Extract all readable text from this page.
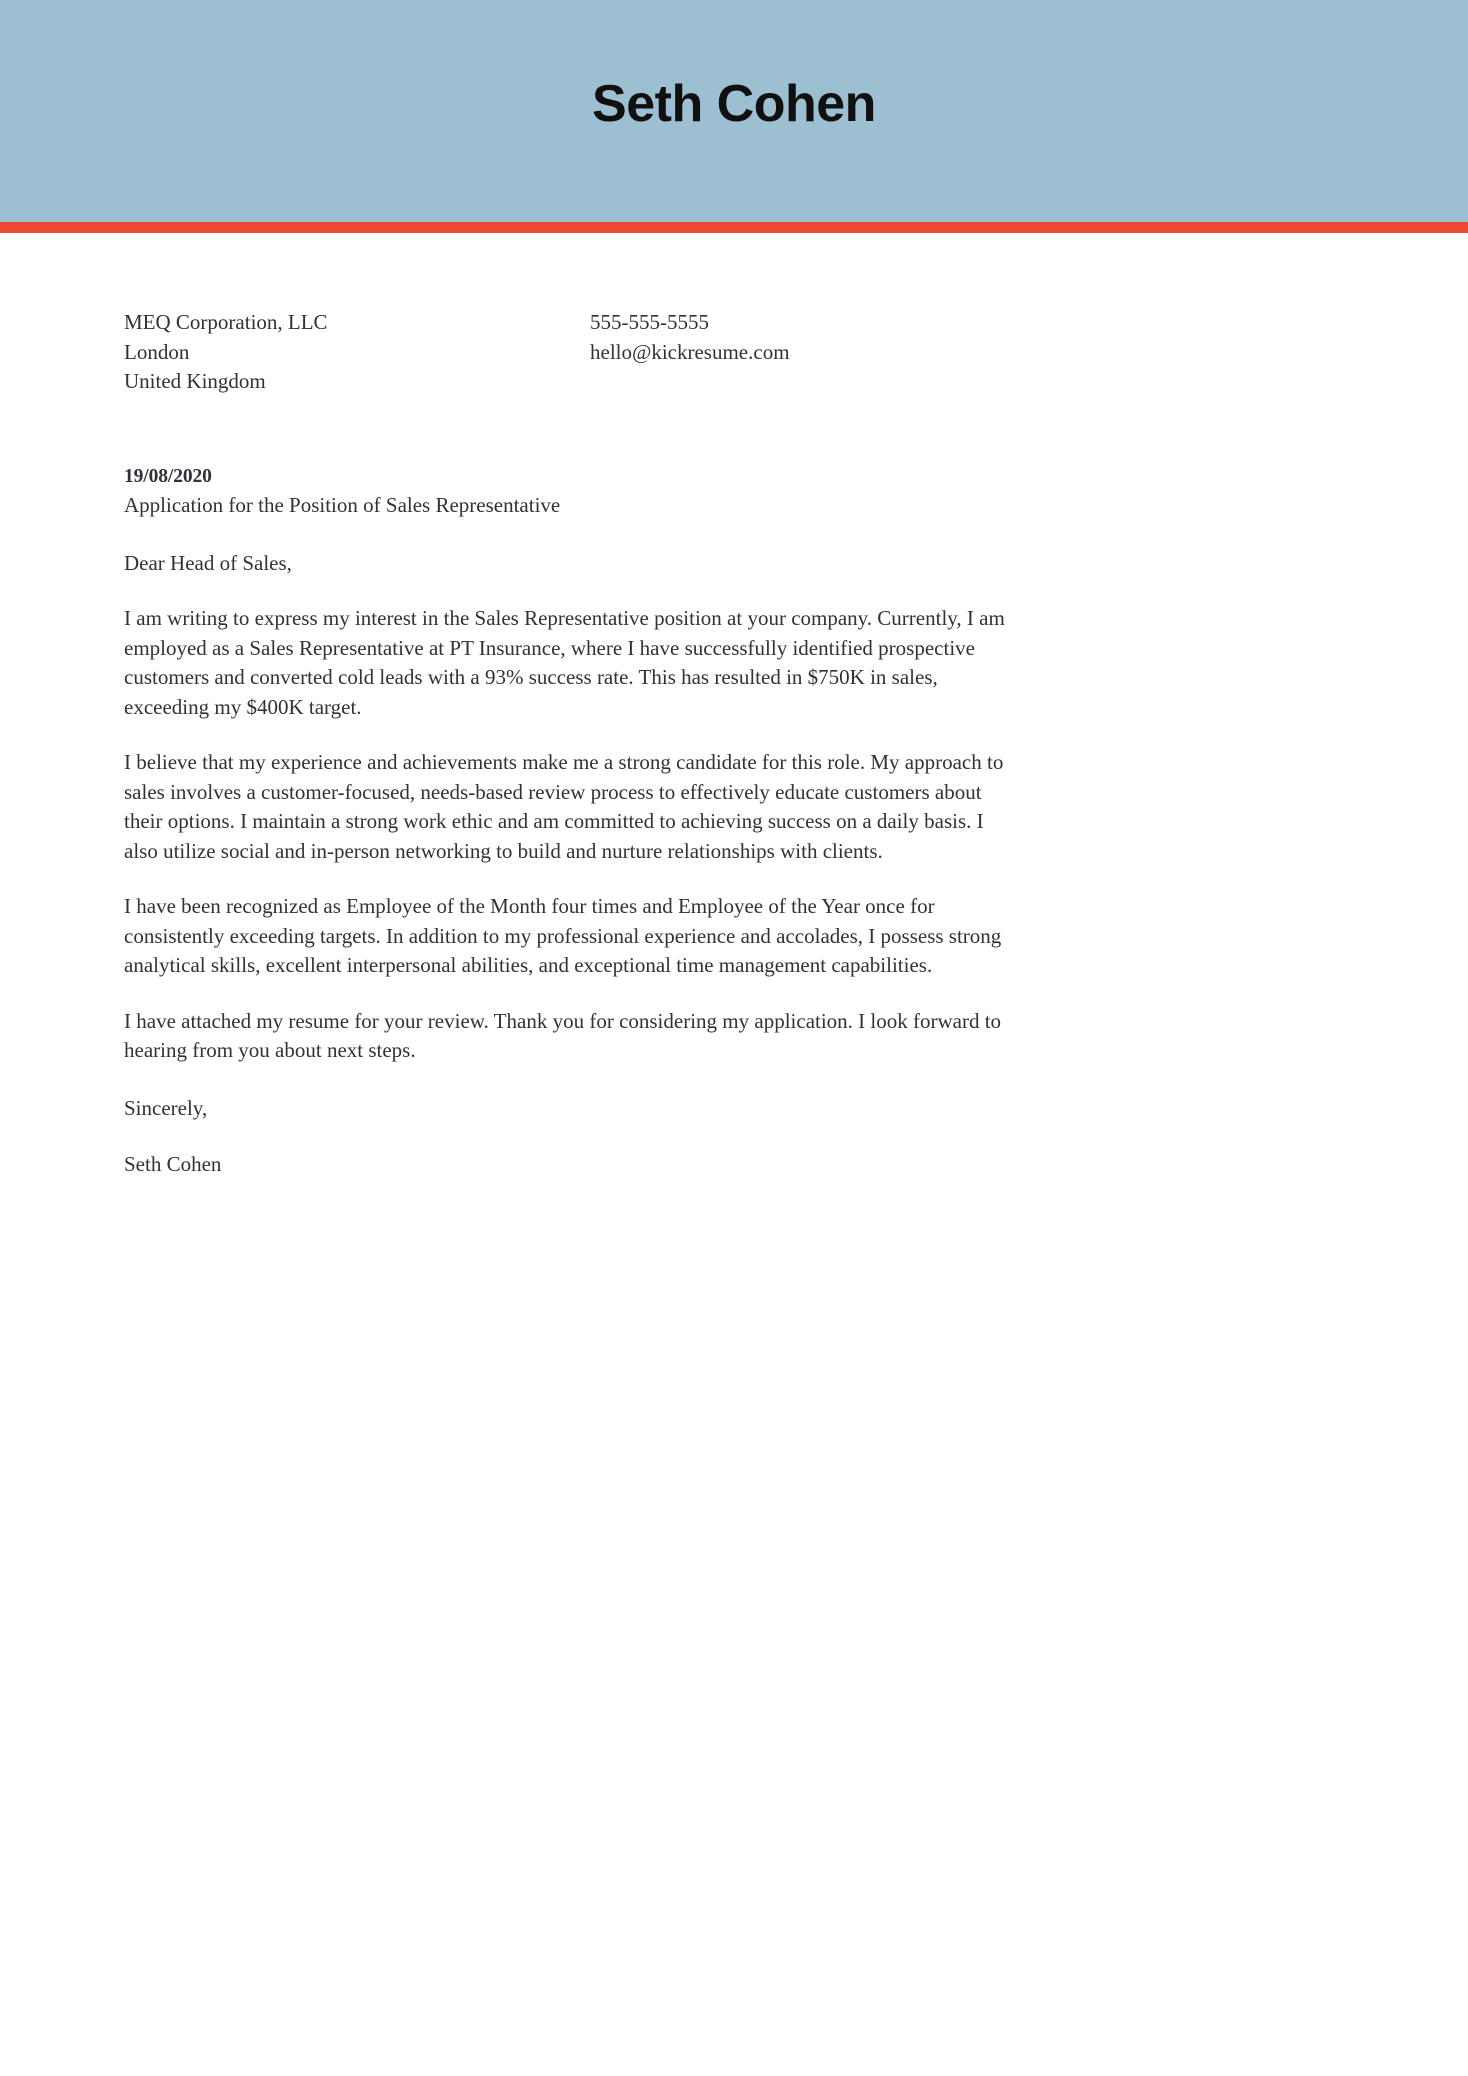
Seth Cohen
MEQ Corporation, LLC
London
United Kingdom
555-555-5555
hello@kickresume.com
19/08/2020
Application for the Position of Sales Representative
Dear Head of Sales,

I am writing to express my interest in the Sales Representative position at your company. Currently, I am employed as a Sales Representative at PT Insurance, where I have successfully identified prospective customers and converted cold leads with a 93% success rate. This has resulted in $750K in sales, exceeding my $400K target.

I believe that my experience and achievements make me a strong candidate for this role. My approach to sales involves a customer-focused, needs-based review process to effectively educate customers about their options. I maintain a strong work ethic and am committed to achieving success on a daily basis. I also utilize social and in-person networking to build and nurture relationships with clients.

I have been recognized as Employee of the Month four times and Employee of the Year once for consistently exceeding targets. In addition to my professional experience and accolades, I possess strong analytical skills, excellent interpersonal abilities, and exceptional time management capabilities.

I have attached my resume for your review. Thank you for considering my application. I look forward to hearing from you about next steps.

Sincerely,
Seth Cohen
